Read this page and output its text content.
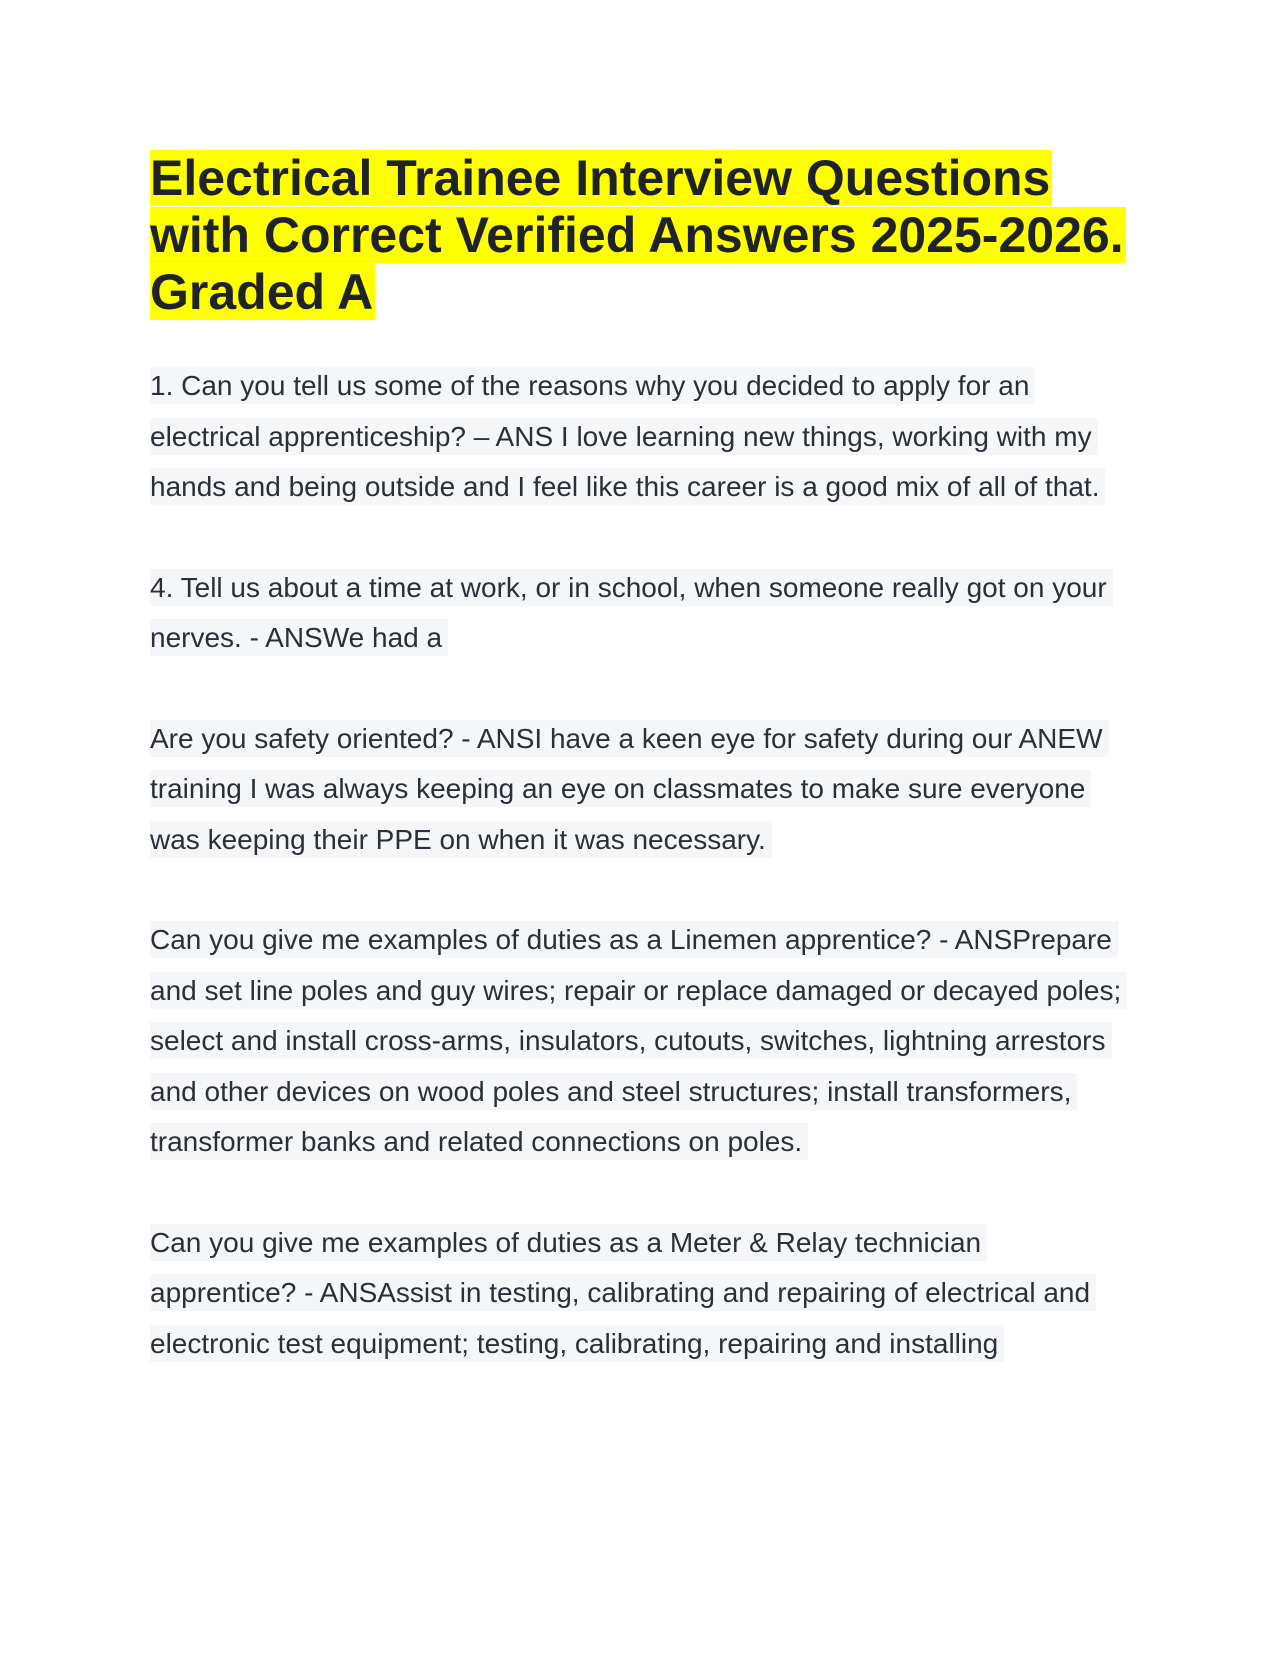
Electrical Trainee Interview Questions with Correct Verified Answers 2025-2026. Graded A

1. Can you tell us some of the reasons why you decided to apply for an electrical apprenticeship? – ANS I love learning new things, working with my hands and being outside and I feel like this career is a good mix of all of that.

4. Tell us about a time at work, or in school, when someone really got on your nerves. - ANSWe had a

Are you safety oriented? - ANSI have a keen eye for safety during our ANEW training I was always keeping an eye on classmates to make sure everyone was keeping their PPE on when it was necessary.

Can you give me examples of duties as a Linemen apprentice? - ANSPrepare and set line poles and guy wires; repair or replace damaged or decayed poles; select and install cross-arms, insulators, cutouts, switches, lightning arrestors and other devices on wood poles and steel structures; install transformers, transformer banks and related connections on poles.

Can you give me examples of duties as a Meter & Relay technician apprentice? - ANSAssist in testing, calibrating and repairing of electrical and electronic test equipment; testing, calibrating, repairing and installing
